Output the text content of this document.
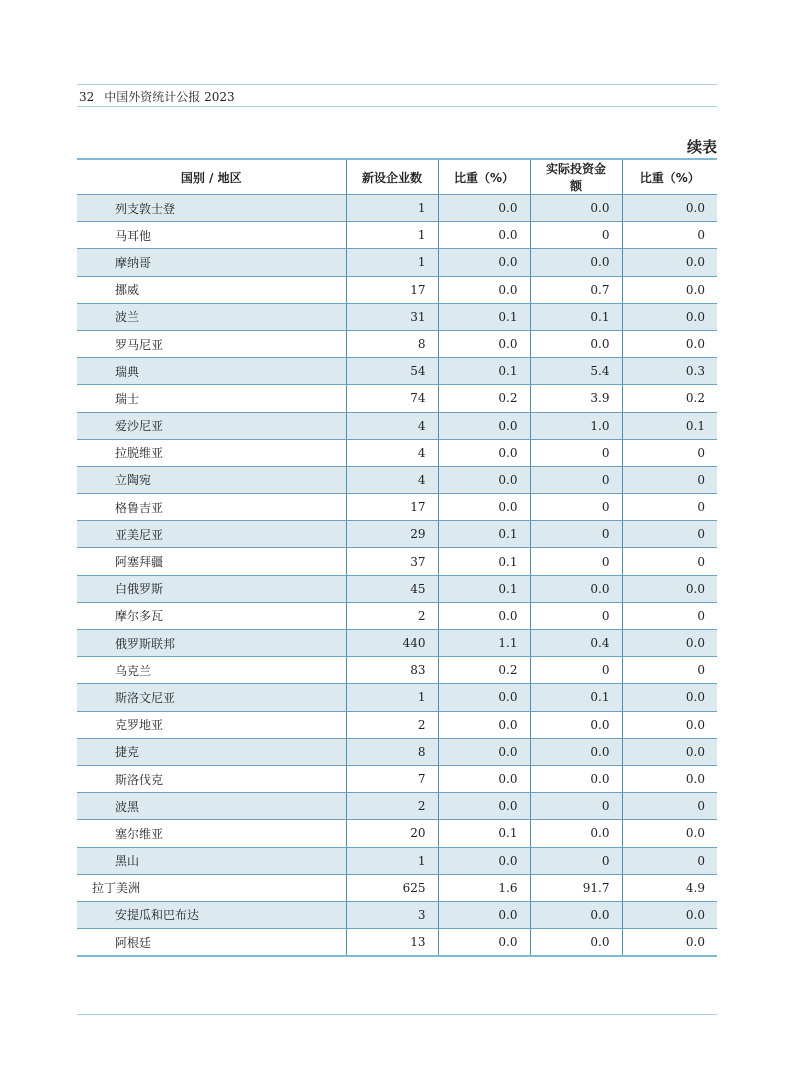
32 中国外资统计公报 2023
续表
国别 / 地区	新设企业数	比重（%）	实际投资金额	比重（%）
列支敦士登	1	0.0	0.0	0.0
马耳他	1	0.0	0	0
摩纳哥	1	0.0	0.0	0.0
挪威	17	0.0	0.7	0.0
波兰	31	0.1	0.1	0.0
罗马尼亚	8	0.0	0.0	0.0
瑞典	54	0.1	5.4	0.3
瑞士	74	0.2	3.9	0.2
爱沙尼亚	4	0.0	1.0	0.1
拉脱维亚	4	0.0	0	0
立陶宛	4	0.0	0	0
格鲁吉亚	17	0.0	0	0
亚美尼亚	29	0.1	0	0
阿塞拜疆	37	0.1	0	0
白俄罗斯	45	0.1	0.0	0.0
摩尔多瓦	2	0.0	0	0
俄罗斯联邦	440	1.1	0.4	0.0
乌克兰	83	0.2	0	0
斯洛文尼亚	1	0.0	0.1	0.0
克罗地亚	2	0.0	0.0	0.0
捷克	8	0.0	0.0	0.0
斯洛伐克	7	0.0	0.0	0.0
波黑	2	0.0	0	0
塞尔维亚	20	0.1	0.0	0.0
黑山	1	0.0	0	0
拉丁美洲	625	1.6	91.7	4.9
安提瓜和巴布达	3	0.0	0.0	0.0
阿根廷	13	0.0	0.0	0.0
